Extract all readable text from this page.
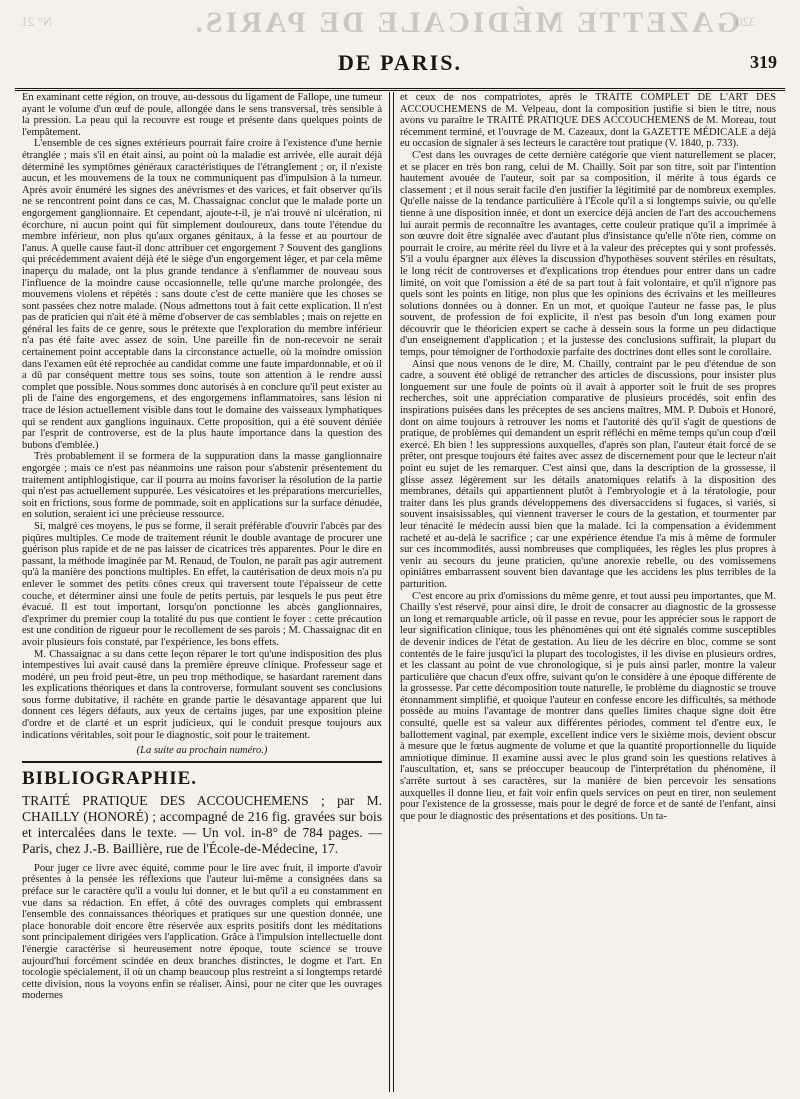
N° 21.	GAZETTE MÉDICALE DE PARIS.
320
DE PARIS.	319

En examinant cette région, on trouve, au-dessous du ligament de Fallope, une tumeur ayant le volume d'un œuf de poule, allongée dans le sens transversal, très sensible à la pression. La peau qui la recouvre est rouge et présente dans quelques points de l'empâtement.

L'ensemble de ces signes extérieurs pourrait faire croire à l'existence d'une hernie étranglée ; mais s'il en était ainsi, au point où la maladie est arrivée, elle aurait déjà déterminé les symptômes généraux caractéristiques de l'étranglement ; or, il n'existe aucun, et les mouvemens de la toux ne communiquent pas d'impulsion à la tumeur. Après avoir énuméré les signes des anévrismes et des varices, et fait observer qu'ils ne se rencontrent point dans ce cas, M. Chassaignac conclut que le malade porte un engorgement ganglionnaire. Et cependant, ajoute-t-il, je n'ai trouvé ni ulcération, ni écorchure, ni aucun point qui fût simplement douloureux, dans toute l'étendue du membre inférieur, non plus qu'aux organes génitaux, à la fesse et au pourtour de l'anus. A quelle cause faut-il donc attribuer cet engorgement ? Souvent des ganglions qui précédemment avaient déjà été le siège d'un engorgement léger, et par cela même inaperçu du malade, ont la plus grande tendance à s'enflammer de nouveau sous l'influence de la moindre cause occasionnelle, telle qu'une marche prolongée, des mouvemens violens et répétés : sans doute c'est de cette manière que les choses se sont passées chez notre malade. (Nous admettons tout à fait cette explication. Il n'est pas de praticien qui n'ait été à même d'observer de cas semblables ; mais on rejette en général les faits de ce genre, sous le prétexte que l'exploration du membre inférieur n'a pas été faite avec assez de soin. Une pareille fin de non-recevoir ne serait certainement point acceptable dans la circonstance actuelle, où la moindre omission dans l'examen eût été reprochée au candidat comme une faute impardonnable, et où il a dû par conséquent mettre tous ses soins, toute son attention à le rendre aussi complet que possible. Nous sommes donc autorisés à en conclure qu'il peut exister au pli de l'aine des engorgemens, et des engorgemens inflammatoires, sans lésion ni trace de lésion actuellement visible dans tout le domaine des vaisseaux lymphatiques qui se rendent aux ganglions inguinaux. Cette proposition, qui a été souvent déniée par l'esprit de controverse, est de la plus haute importance dans la question des bubons d'emblée.)

Très probablement il se formera de la suppuration dans la masse ganglionnaire engorgée ; mais ce n'est pas néanmoins une raison pour s'abstenir présentement du traitement antiphlogistique, car il pourra au moins favoriser la résolution de la partie qui n'est pas actuellement suppurée. Les vésicatoires et les préparations mercurielles, soit en frictions, sous forme de pommade, soit en applications sur la surface dénudée, en solution, seraient ici une précieuse ressource.

Si, malgré ces moyens, le pus se forme, il serait préférable d'ouvrir l'abcès par des piqûres multiples. Ce mode de traitement réunit le double avantage de procurer une guérison plus rapide et de ne pas laisser de cicatrices très apparentes. Pour le dire en passant, la méthode imaginée par M. Renaud, de Toulon, ne paraît pas agir autrement qu'à la manière des ponctions multiples. En effet, la cautérisation de deux mois n'a pu enlever le sommet des petits cônes creux qui traversent toute l'épaisseur de cette couche, et déterminer ainsi une foule de petits pertuis, par lesquels le pus peut être évacué. Il est tout important, lorsqu'on ponctionne les abcès ganglionnaires, d'exprimer du premier coup la totalité du pus que contient le foyer : cette précaution est une condition de rigueur pour le recollement de ses parois ; M. Chassaignac dit en avoir plusieurs fois constaté, par l'expérience, les bons effets.

M. Chassaignac a su dans cette leçon réparer le tort qu'une indisposition des plus intempestives lui avait causé dans la première épreuve clinique. Professeur sage et modéré, un peu froid peut-être, un peu trop méthodique, se hasardant rarement dans les explications théoriques et dans la controverse, formulant souvent ses conclusions sous forme dubitative, il rachète en grande partie le désavantage apparent que lui donnent ces légers défauts, aux yeux de certains juges, par une exposition pleine d'ordre et de clarté et un esprit judicieux, qui le conduit presque toujours aux indications véritables, soit pour le diagnostic, soit pour le traitement.

(La suite au prochain numéro.)

BIBLIOGRAPHIE.

TRAITÉ PRATIQUE DES ACCOUCHEMENS ; par M. CHAILLY (HONORÉ) ; accompagné de 216 fig. gravées sur bois et intercalées dans le texte. — Un vol. in-8° de 784 pages. — Paris, chez J.-B. Baillière, rue de l'École-de-Médecine, 17.

Pour juger ce livre avec équité, comme pour le lire avec fruit, il importe d'avoir présentes à la pensée les réflexions que l'auteur lui-même a consignées dans sa préface sur le caractère qu'il a voulu lui donner, et le but qu'il a eu constamment en vue dans sa rédaction. En effet, à côté des ouvrages complets qui embrassent l'ensemble des connaissances théoriques et pratiques sur une question donnée, une place honorable doit encore être réservée aux esprits positifs dont les méditations sont principalement dirigées vers l'application. Grâce à l'impulsion intellectuelle dont l'énergie caractérise si heureusement notre époque, toute science se trouve aujourd'hui forcément scindée en deux branches distinctes, le dogme et l'art. En tocologie spécialement, il où un champ beaucoup plus restreint a si longtemps retardé cette division, nous la voyons enfin se réaliser. Ainsi, pour ne citer que les ouvrages modernes

et ceux de nos compatriotes, après le TRAITÉ COMPLET DE L'ART DES ACCOUCHEMENS de M. Velpeau, dont la composition justifie si bien le titre, nous avons vu paraître le TRAITÉ PRATIQUE DES ACCOUCHEMENS de M. Moreau, tout récemment terminé, et l'ouvrage de M. Cazeaux, dont la GAZETTE MÉDICALE a déjà eu occasion de signaler à ses lecteurs le caractère tout pratique (V. 1840, p. 733).

C'est dans les ouvrages de cette dernière catégorie que vient naturellement se placer, et se placer en très bon rang, celui de M. Chailly. Soit par son titre, soit par l'intention hautement avouée de l'auteur, soit par sa composition, il mérite à tous égards ce classement ; et il nous serait facile d'en justifier la légitimité par de nombreux exemples. Qu'elle naisse de la tendance particulière à l'École qu'il a si longtemps suivie, ou qu'elle tienne à une disposition innée, et dont un exercice déjà ancien de l'art des accouchemens lui aurait permis de reconnaître les avantages, cette couleur pratique qu'il a imprimée à son œuvre doit être signalée avec d'autant plus d'insistance qu'elle n'ôte rien, comme on pourrait le croire, au mérite réel du livre et à la valeur des préceptes qui y sont professés. S'il a voulu épargner aux élèves la discussion d'hypothèses souvent stériles en résultats, le long récit de controverses et d'explications trop étendues pour entrer dans un cadre limité, on voit que l'omission a été de sa part tout à fait volontaire, et qu'il n'ignore pas quels sont les points en litige, non plus que les opinions des écrivains et les meilleures solutions données ou à donner. En un mot, et quoique l'auteur ne fasse pas, le plus souvent, de profession de foi explicite, il n'est pas besoin d'un long examen pour découvrir que le théoricien expert se cache à dessein sous la forme un peu didactique d'un enseignement d'application ; et la justesse des conclusions suffirait, la plupart du temps, pour témoigner de l'orthodoxie parfaite des doctrines dont elles sont le corollaire.

Ainsi que nous venons de le dire, M. Chailly, contraint par le peu d'étendue de son cadre, a souvent été obligé de retrancher des articles de discussions, pour insister plus longuement sur une foule de points où il avait à apporter soit le fruit de ses propres recherches, soit une appréciation comparative de plusieurs procédés, soit enfin des inspirations puisées dans les préceptes de ses anciens maîtres, MM. P. Dubois et Honoré, dont on aime toujours à retrouver les noms et l'autorité dès qu'il s'agit de questions de pratique, de problèmes qui demandent un esprit réfléchi en même temps qu'un coup d'œil exercé. Eh bien ! les suppressions auxquelles, d'après son plan, l'auteur était forcé de se prêter, ont presque toujours été faites avec assez de discernement pour que le lecteur n'ait point eu sujet de les remarquer. C'est ainsi que, dans la description de la grossesse, il glisse assez légèrement sur les détails anatomiques relatifs à la disposition des membranes, détails qui appartiennent plutôt à l'embryologie et à la tératologie, pour traiter dans les plus grands développemens des diversaccidens si fugaces, si variés, si souvent insaisissables, qui viennent traverser le cours de la gestation, et tourmenter par leur ténacité le médecin aussi bien que la malade. Ici la compensation a évidemment racheté et au-delà le sacrifice ; car une expérience étendue l'a mis à même de formuler sur ces incommodités, aussi nombreuses que compliquées, les règles les plus propres à venir au secours du jeune praticien, qu'une anorexie rebelle, ou des vomissemens opiniâtres embarrassent souvent bien davantage que les accidens les plus terribles de la parturition.

C'est encore au prix d'omissions du même genre, et tout aussi peu importantes, que M. Chailly s'est réservé, pour ainsi dire, le droit de consacrer au diagnostic de la grossesse un long et remarquable article, où il passe en revue, pour les apprécier sous le rapport de leur signification clinique, tous les phénomènes qui ont été signalés comme susceptibles de devenir indices de l'état de gestation. Au lieu de les décrire en bloc, comme se sont contentés de le faire jusqu'ici la plupart des tocologistes, il les divise en plusieurs ordres, et les classant au point de vue chronologique, si je puis ainsi parler, montre la valeur particulière que chacun d'eux offre, suivant qu'on le considère à une époque différente de la grossesse. Par cette décomposition toute naturelle, le problème du diagnostic se trouve étonnamment simplifié, et quoique l'auteur en confesse encore les difficultés, sa méthode possède au moins l'avantage de montrer dans quelles limites chaque signe doit être consulté, quelle est sa valeur aux différentes périodes, comment tel d'entre eux, le ballottement vaginal, par exemple, excellent indice vers le sixième mois, devient obscur à mesure que le fœtus augmente de volume et que la quantité proportionnelle du liquide amniotique diminue. Il examine aussi avec le plus grand soin les questions relatives à l'auscultation, et, sans se préoccuper beaucoup de l'interprétation du phénomène, il s'arrête surtout à ses caractères, sur la manière de bien percevoir les sensations auxquelles il donne lieu, et fait voir enfin quels services on peut en tirer, non seulement pour l'existence de la grossesse, mais pour le degré de force et de santé de l'enfant, ainsi que pour le diagnostic des présentations et des positions. Un ta-
